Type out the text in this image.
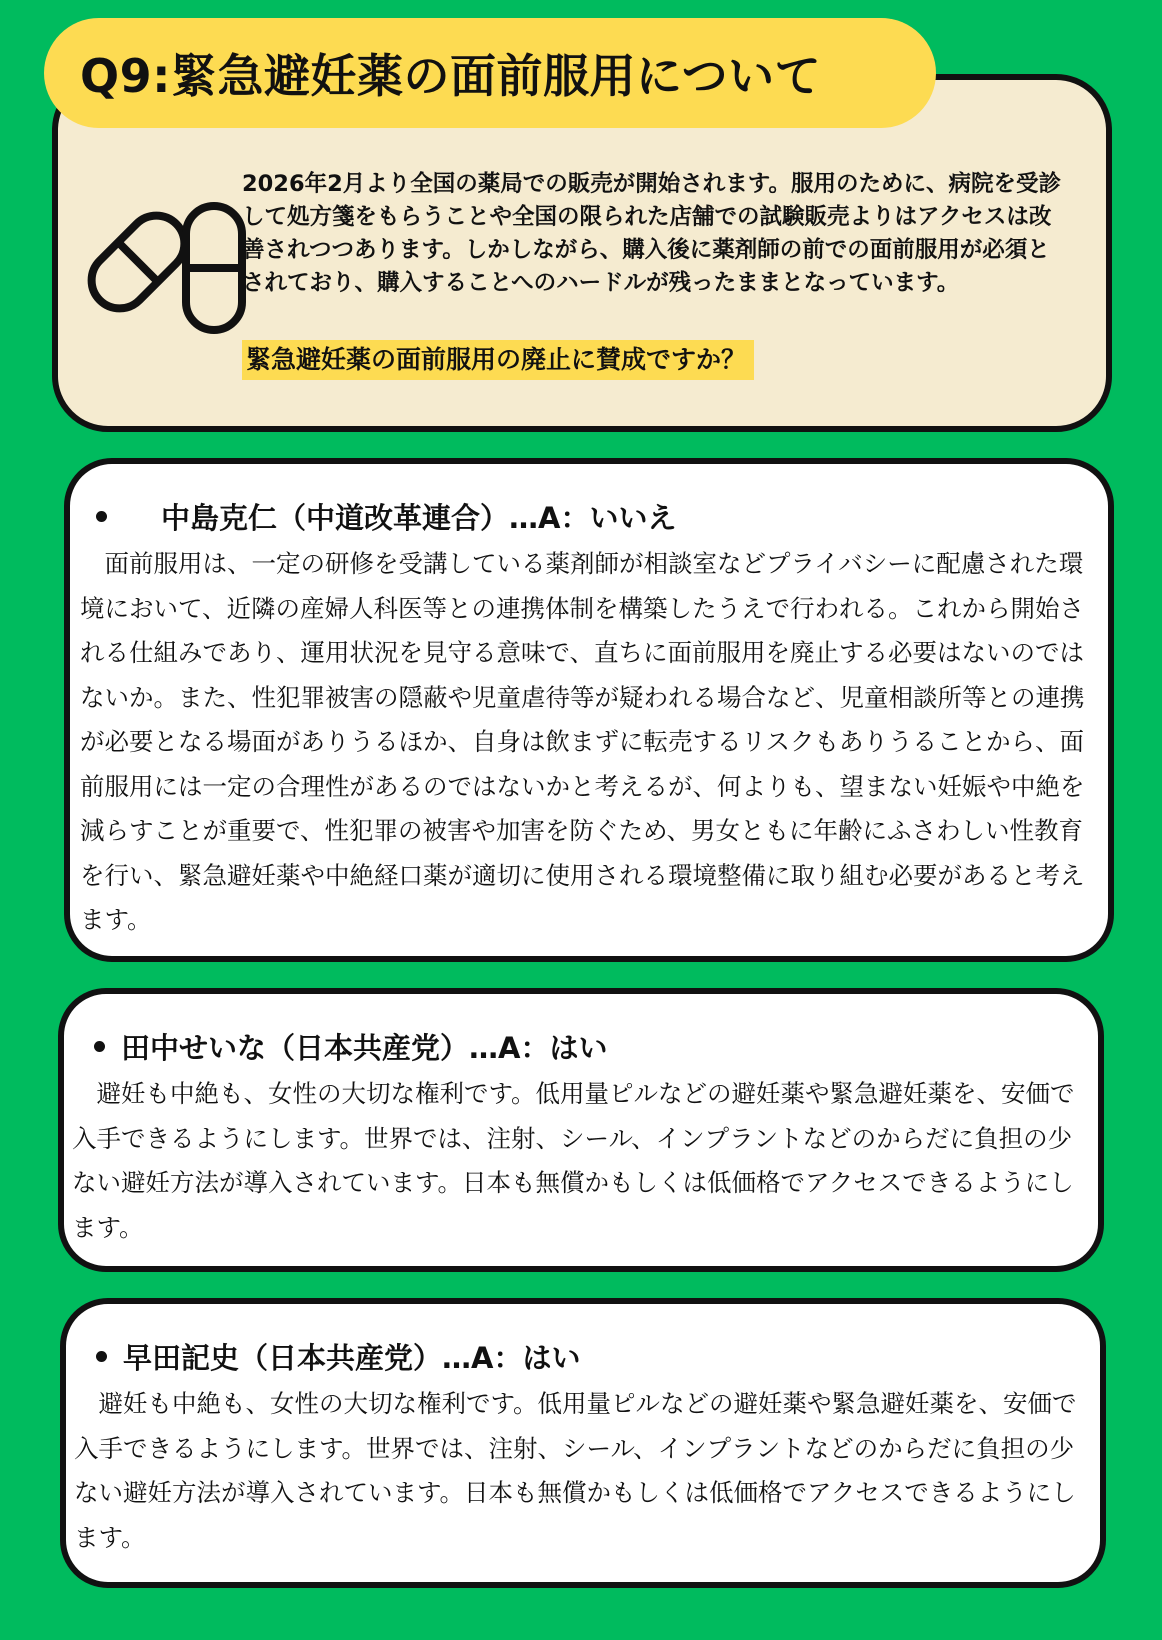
Q9:緊急避妊薬の面前服用について

2026年2月より全国の薬局での販売が開始されます。服用のために、病院を受診して処方箋をもらうことや全国の限られた店舗での試験販売よりはアクセスは改善されつつあります。しかしながら、購入後に薬剤師の前での面前服用が必須とされており、購入することへのハードルが残ったままとなっています。

緊急避妊薬の面前服用の廃止に賛成ですか？
中島克仁（中道改革連合）…A：いいえ

　面前服用は、一定の研修を受講している薬剤師が相談室などプライバシーに配慮された環境において、近隣の産婦人科医等との連携体制を構築したうえで行われる。これから開始される仕組みであり、運用状況を見守る意味で、直ちに面前服用を廃止する必要はないのではないか。また、性犯罪被害の隠蔽や児童虐待等が疑われる場合など、児童相談所等との連携が必要となる場面がありうるほか、自身は飲まずに転売するリスクもありうることから、面前服用には一定の合理性があるのではないかと考えるが、何よりも、望まない妊娠や中絶を減らすことが重要で、性犯罪の被害や加害を防ぐため、男女ともに年齢にふさわしい性教育を行い、緊急避妊薬や中絶経口薬が適切に使用される環境整備に取り組む必要があると考えます。

田中せいな（日本共産党）…A：はい

　避妊も中絶も、女性の大切な権利です。低用量ピルなどの避妊薬や緊急避妊薬を、安価で入手できるようにします。世界では、注射、シール、インプラントなどのからだに負担の少ない避妊方法が導入されています。日本も無償かもしくは低価格でアクセスできるようにします。

早田記史（日本共産党）…A：はい

　避妊も中絶も、女性の大切な権利です。低用量ピルなどの避妊薬や緊急避妊薬を、安価で入手できるようにします。世界では、注射、シール、インプラントなどのからだに負担の少ない避妊方法が導入されています。日本も無償かもしくは低価格でアクセスできるようにします。
